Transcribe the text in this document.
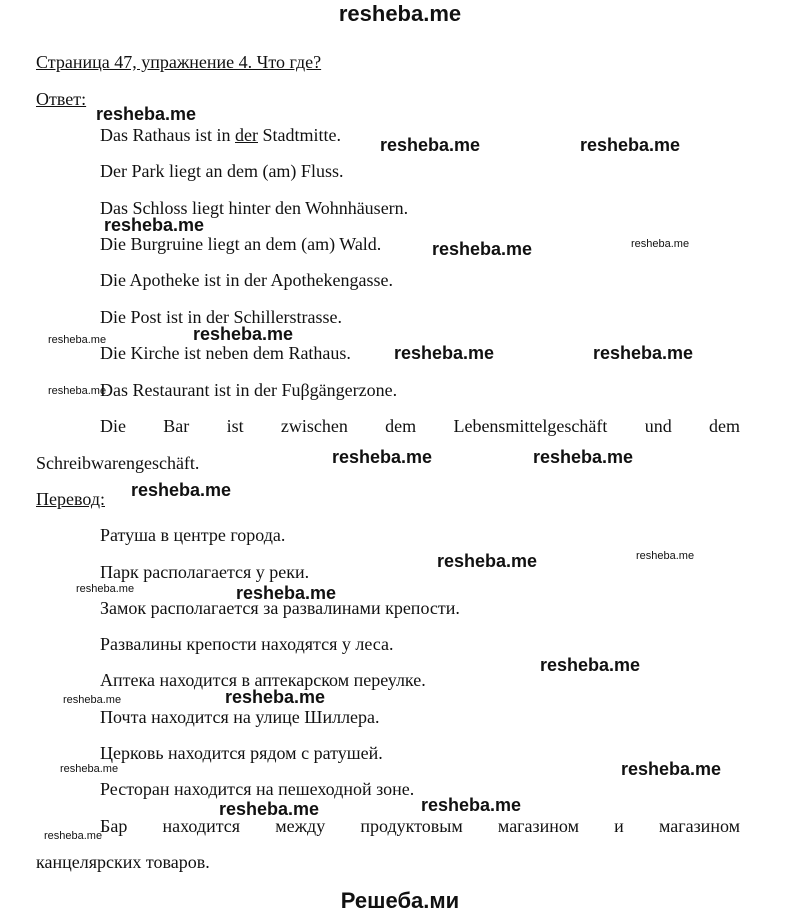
resheba.me
Страница 47, упражнение 4. Что где?
Ответ:
Das Rathaus ist in der Stadtmitte.
Der Park liegt an dem (am) Fluss.
Das Schloss liegt hinter den Wohnhäusern.
Die Burgruine liegt an dem (am) Wald.
Die Apotheke ist in der Apothekengasse.
Die Post ist in der Schillerstrasse.
Die Kirche ist neben dem Rathaus.
Das Restaurant ist in der Fuβgängerzone.
Die Bar ist zwischen dem Lebensmittelgeschäft und dem
Schreibwarengeschäft.
Перевод:
Ратуша в центре города.
Парк располагается у реки.
Замок располагается за развалинами крепости.
Развалины крепости находятся у леса.
Аптека находится в аптекарском переулке.
Почта находится на улице Шиллера.
Церковь находится рядом с ратушей.
Ресторан находится на пешеходной зоне.
Бар находится между продуктовым магазином и магазином
канцелярских товаров.
resheba.me
resheba.me	resheba.me
resheba.me
resheba.me	resheba.me
resheba.me
resheba.me
resheba.me	resheba.me
resheba.me
resheba.me	resheba.me
resheba.me
resheba.me	resheba.me
resheba.me	resheba.me
resheba.me
resheba.me	resheba.me
resheba.me	resheba.me
resheba.me	resheba.me
resheba.me
Решеба.ми
